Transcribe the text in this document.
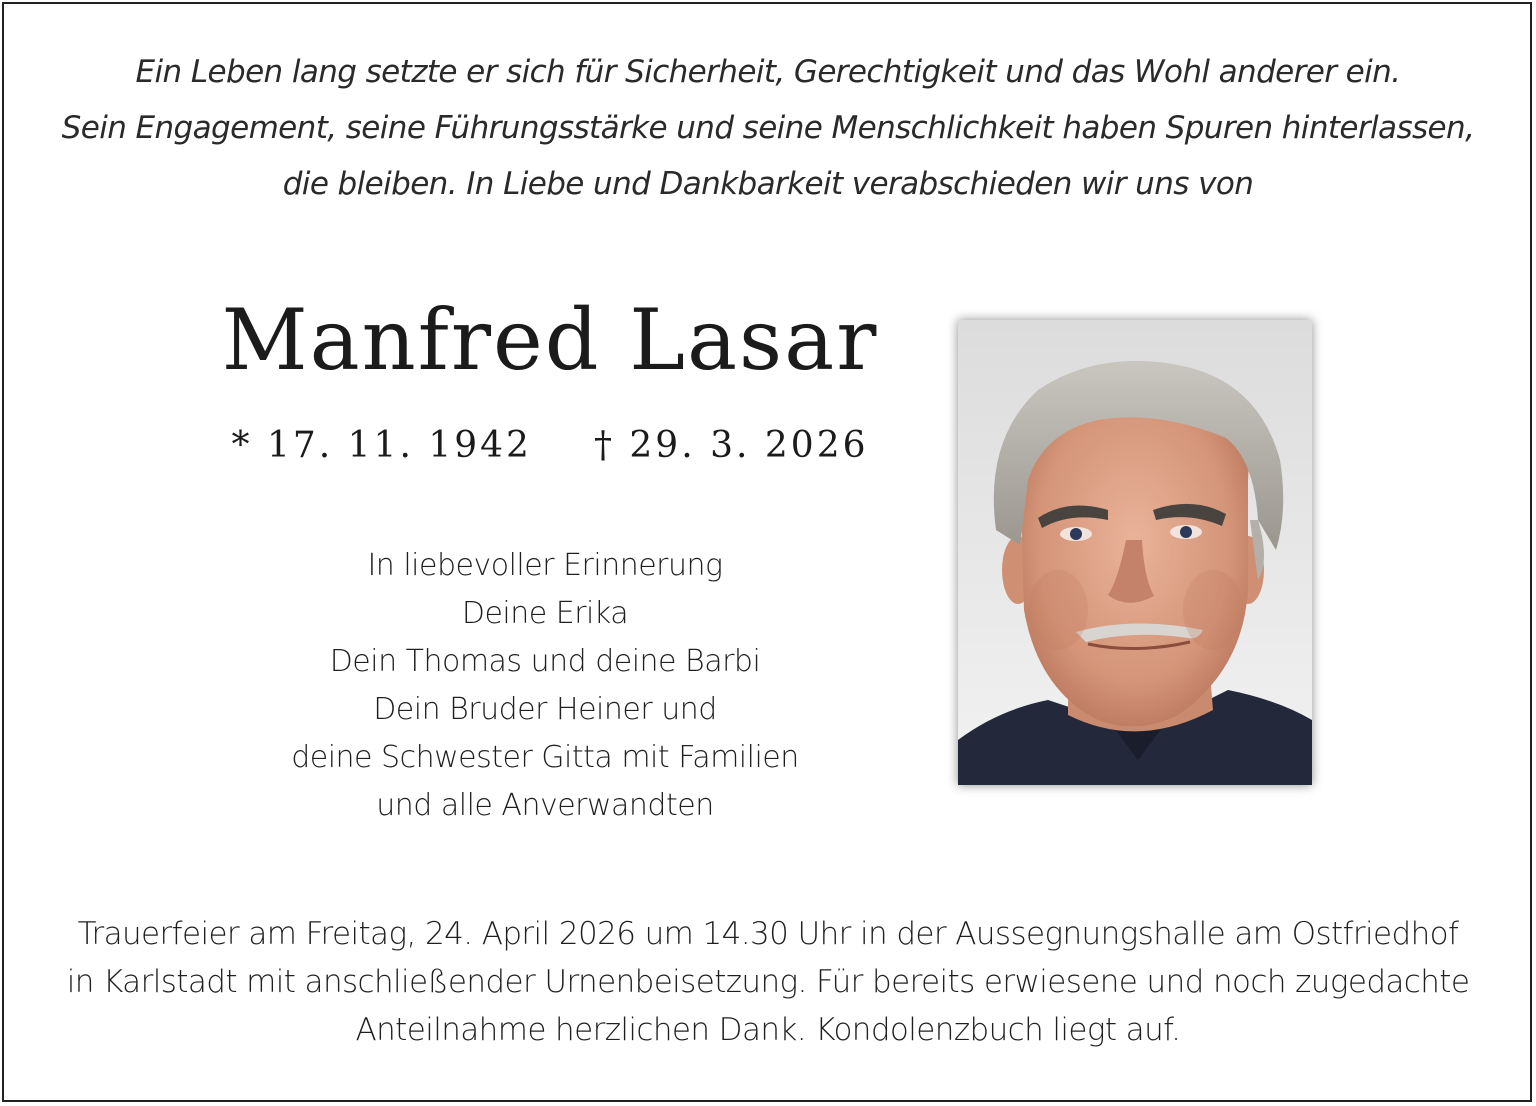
Ein Leben lang setzte er sich für Sicherheit, Gerechtigkeit und das Wohl anderer ein.
Sein Engagement, seine Führungsstärke und seine Menschlichkeit haben Spuren hinterlassen,
die bleiben. In Liebe und Dankbarkeit verabschieden wir uns von
Manfred Lasar
* 17. 11. 1942 † 29. 3. 2026
In liebevoller Erinnerung
Deine Erika
Dein Thomas und deine Barbi
Dein Bruder Heiner und
deine Schwester Gitta mit Familien
und alle Anverwandten
Trauerfeier am Freitag, 24. April 2026 um 14.30 Uhr in der Aussegnungshalle am Ostfriedhof
in Karlstadt mit anschließender Urnenbeisetzung. Für bereits erwiesene und noch zugedachte
Anteilnahme herzlichen Dank. Kondolenzbuch liegt auf.
